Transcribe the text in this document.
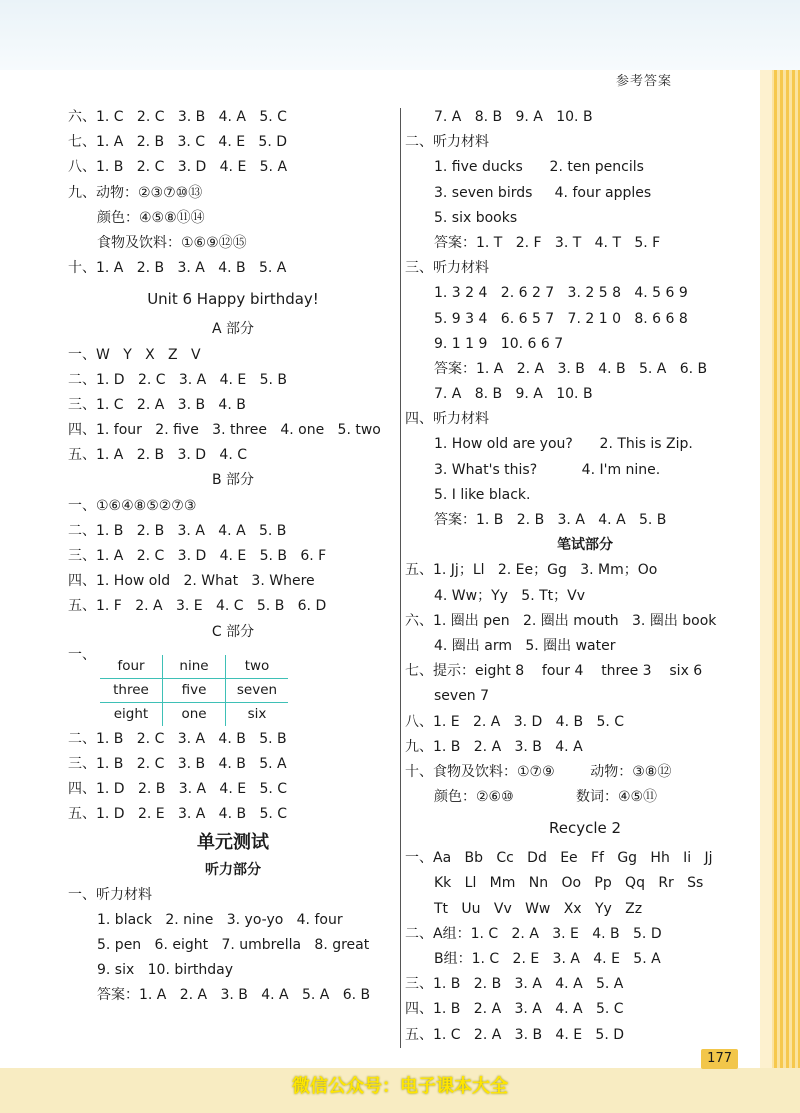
参考答案
六、1. C   2. C   3. B   4. A   5. C
七、1. A   2. B   3. C   4. E   5. D
八、1. B   2. C   3. D   4. E   5. A
九、动物：②③⑦⑩⑬
颜色：④⑤⑧⑪⑭
食物及饮料：①⑥⑨⑫⑮
十、1. A   2. B   3. A   4. B   5. A
Unit 6 Happy birthday!
A 部分
一、W   Y   X   Z   V
二、1. D   2. C   3. A   4. E   5. B
三、1. C   2. A   3. B   4. B
四、1. four   2. five   3. three   4. one   5. two
五、1. A   2. B   3. D   4. C
B 部分
一、①⑥④⑧⑤②⑦③
二、1. B   2. B   3. A   4. A   5. B
三、1. A   2. C   3. D   4. E   5. B   6. F
四、1. How old   2. What   3. Where
五、1. F   2. A   3. E   4. C   5. B   6. D
C 部分
一、
four	nine	two
three	five	seven
eight	one	six
二、1. B   2. C   3. A   4. B   5. B
三、1. B   2. C   3. B   4. B   5. A
四、1. D   2. B   3. A   4. E   5. C
五、1. D   2. E   3. A   4. B   5. C
单元测试
听力部分
一、听力材料
1. black   2. nine   3. yo-yo   4. four
5. pen   6. eight   7. umbrella   8. great
9. six   10. birthday
答案：1. A   2. A   3. B   4. A   5. A   6. B
7. A   8. B   9. A   10. B
二、听力材料
1. five ducks      2. ten pencils
3. seven birds     4. four apples
5. six books
答案：1. T   2. F   3. T   4. T   5. F
三、听力材料
1. 3 2 4   2. 6 2 7   3. 2 5 8   4. 5 6 9
5. 9 3 4   6. 6 5 7   7. 2 1 0   8. 6 6 8
9. 1 1 9   10. 6 6 7
答案：1. A   2. A   3. B   4. B   5. A   6. B
7. A   8. B   9. A   10. B
四、听力材料
1. How old are you?      2. This is Zip.
3. What's this?          4. I'm nine.
5. I like black.
答案：1. B   2. B   3. A   4. A   5. B
笔试部分
五、1. Jj；Ll   2. Ee；Gg   3. Mm；Oo
4. Ww；Yy   5. Tt；Vv
六、1. 圈出 pen   2. 圈出 mouth   3. 圈出 book
4. 圈出 arm   5. 圈出 water
七、提示：eight 8    four 4    three 3    six 6
seven 7
八、1. E   2. A   3. D   4. B   5. C
九、1. B   2. A   3. B   4. A
十、食物及饮料：①⑦⑨        动物：③⑧⑫
颜色：②⑥⑩              数词：④⑤⑪
Recycle 2
一、Aa   Bb   Cc   Dd   Ee   Ff   Gg   Hh   Ii   Jj
Kk   Ll   Mm   Nn   Oo   Pp   Qq   Rr   Ss
Tt   Uu   Vv   Ww   Xx   Yy   Zz
二、A组：1. C   2. A   3. E   4. B   5. D
B组：1. C   2. E   3. A   4. E   5. A
三、1. B   2. B   3. A   4. A   5. A
四、1. B   2. A   3. A   4. A   5. C
五、1. C   2. A   3. B   4. E   5. D
177
微信公众号：电子课本大全
